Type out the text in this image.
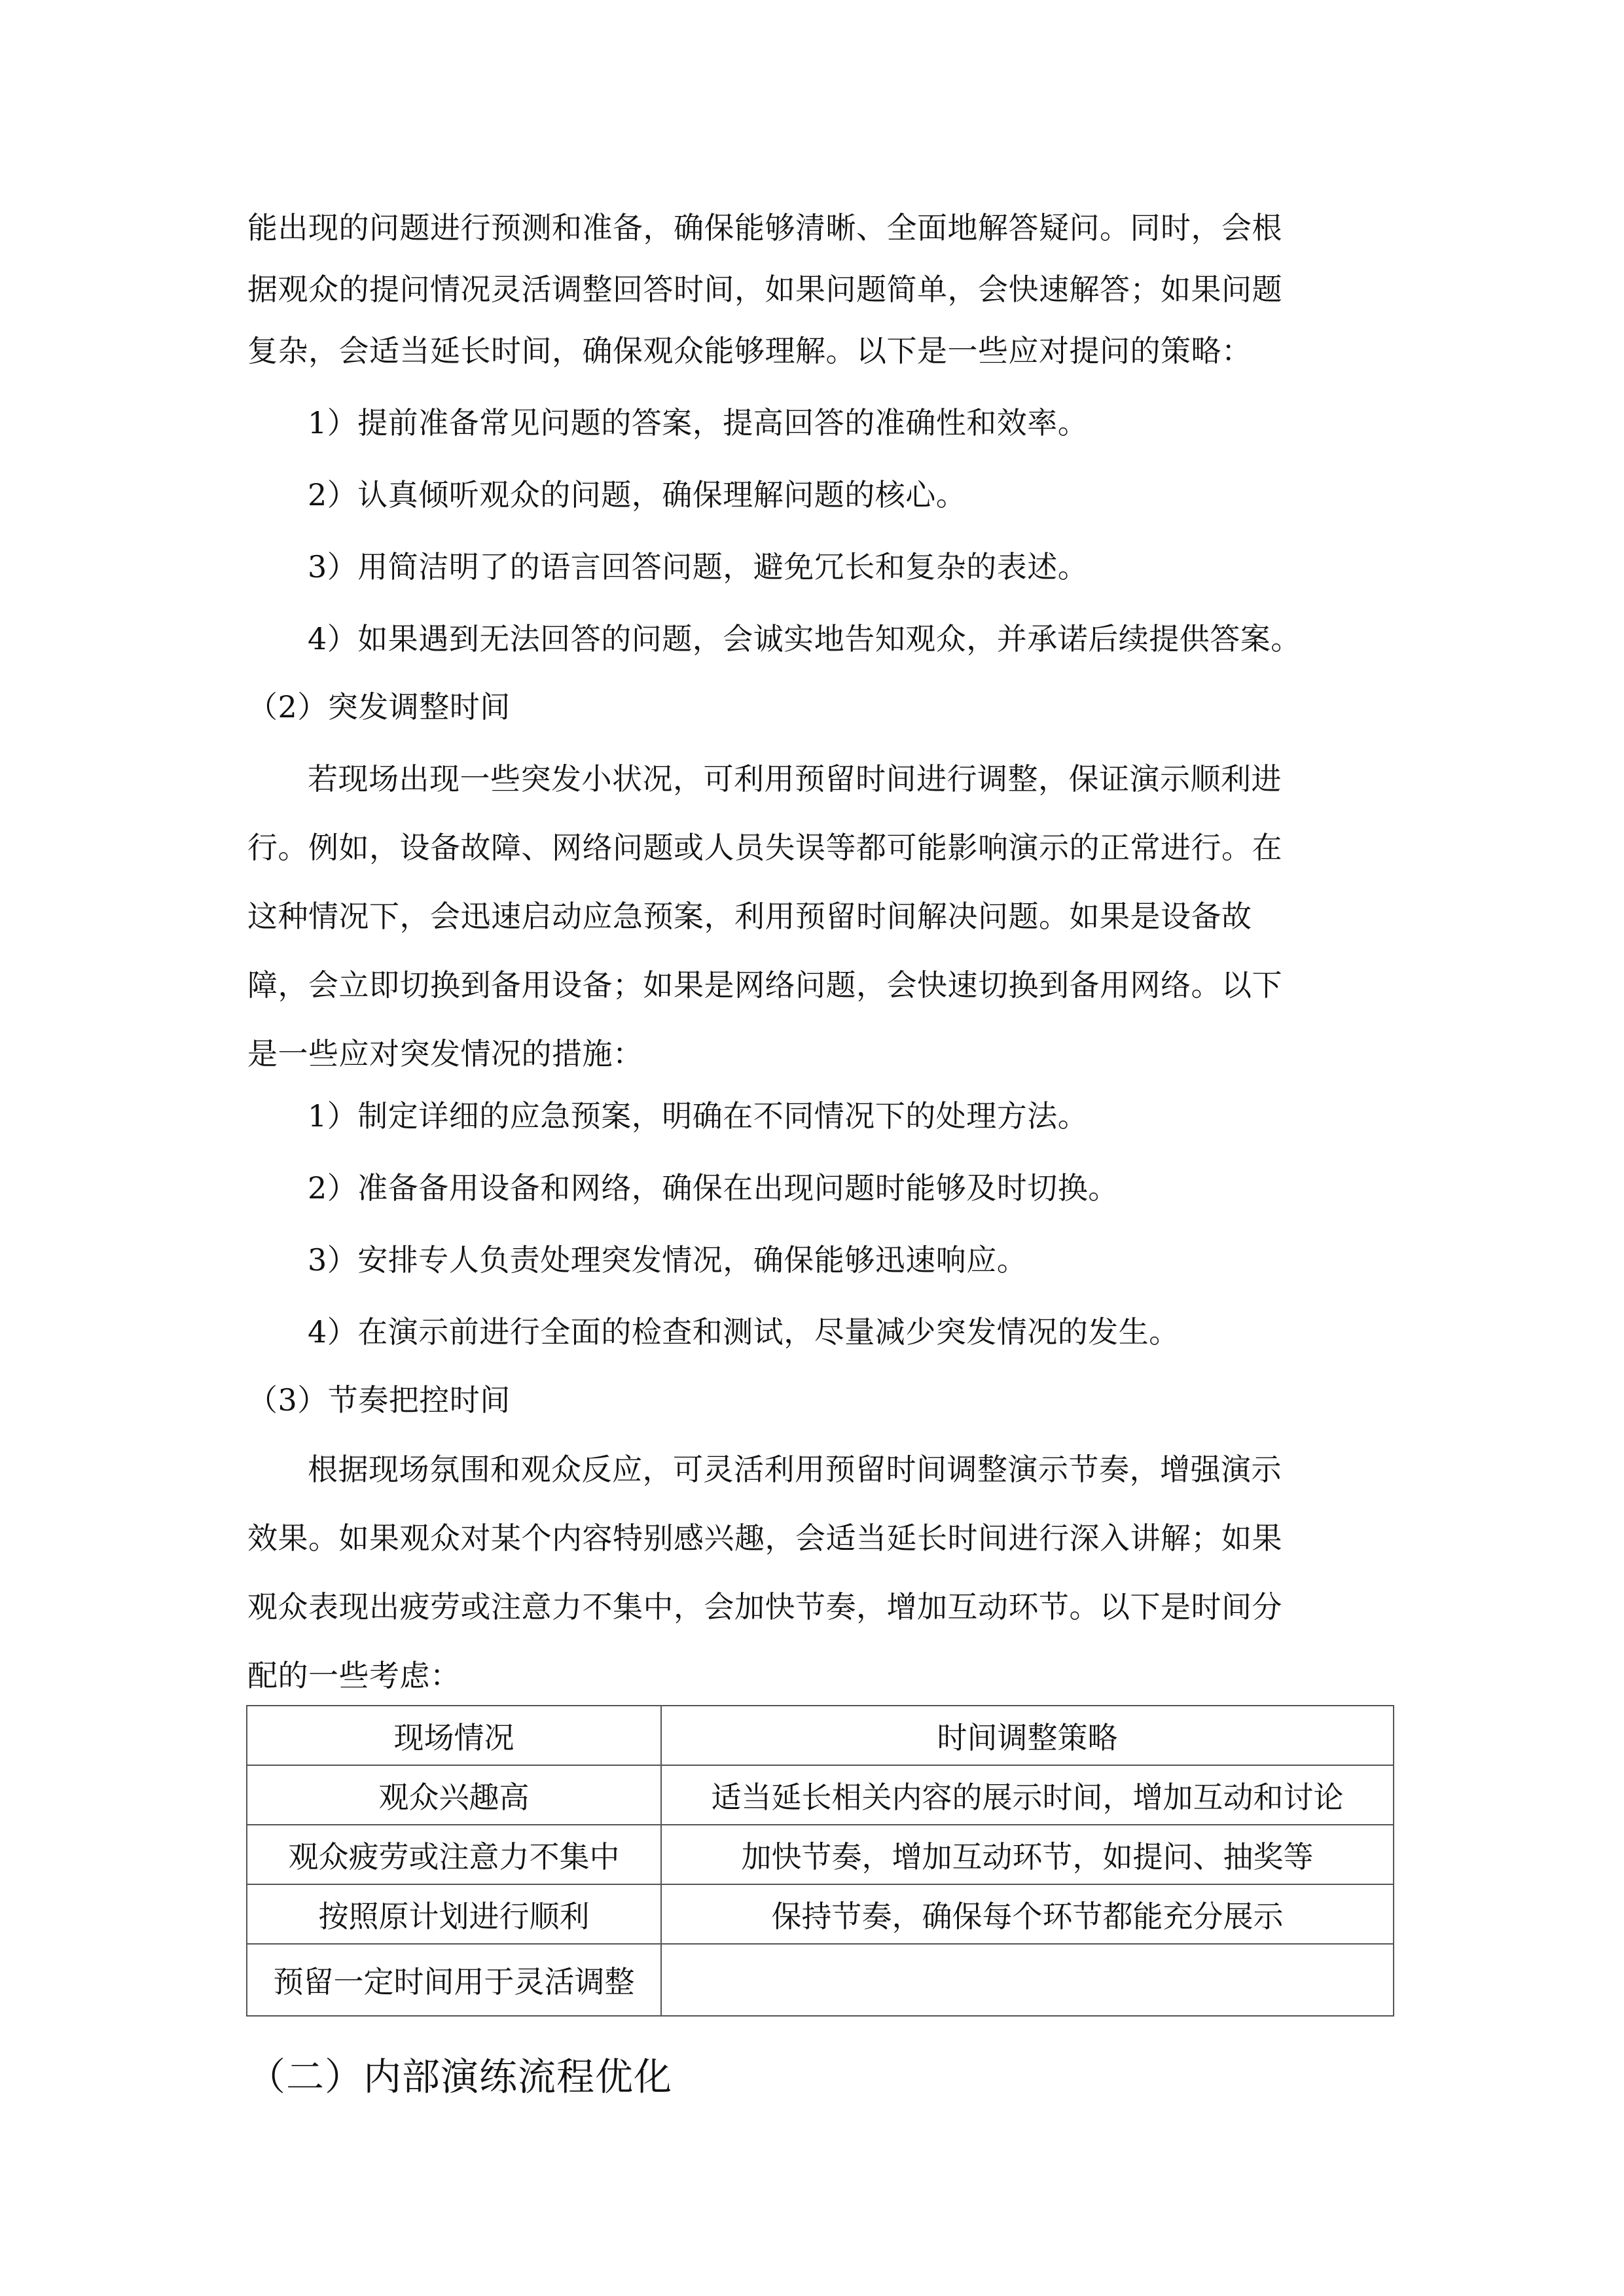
能出现的问题进行预测和准备，确保能够清晰、全面地解答疑问。同时，会根
据观众的提问情况灵活调整回答时间，如果问题简单，会快速解答；如果问题
复杂，会适当延长时间，确保观众能够理解。以下是一些应对提问的策略：
1）提前准备常见问题的答案，提高回答的准确性和效率。
2）认真倾听观众的问题，确保理解问题的核心。
3）用简洁明了的语言回答问题，避免冗长和复杂的表述。
4）如果遇到无法回答的问题，会诚实地告知观众，并承诺后续提供答案。
（2）突发调整时间
若现场出现一些突发小状况，可利用预留时间进行调整，保证演示顺利进
行。例如，设备故障、网络问题或人员失误等都可能影响演示的正常进行。在
这种情况下，会迅速启动应急预案，利用预留时间解决问题。如果是设备故
障，会立即切换到备用设备；如果是网络问题，会快速切换到备用网络。以下
是一些应对突发情况的措施：
1）制定详细的应急预案，明确在不同情况下的处理方法。
2）准备备用设备和网络，确保在出现问题时能够及时切换。
3）安排专人负责处理突发情况，确保能够迅速响应。
4）在演示前进行全面的检查和测试，尽量减少突发情况的发生。
（3）节奏把控时间
根据现场氛围和观众反应，可灵活利用预留时间调整演示节奏，增强演示
效果。如果观众对某个内容特别感兴趣，会适当延长时间进行深入讲解；如果
观众表现出疲劳或注意力不集中，会加快节奏，增加互动环节。以下是时间分
配的一些考虑：
现场情况	时间调整策略
观众兴趣高	适当延长相关内容的展示时间，增加互动和讨论
观众疲劳或注意力不集中	加快节奏，增加互动环节，如提问、抽奖等
按照原计划进行顺利	保持节奏，确保每个环节都能充分展示
预留一定时间用于灵活调整	
（二）内部演练流程优化
